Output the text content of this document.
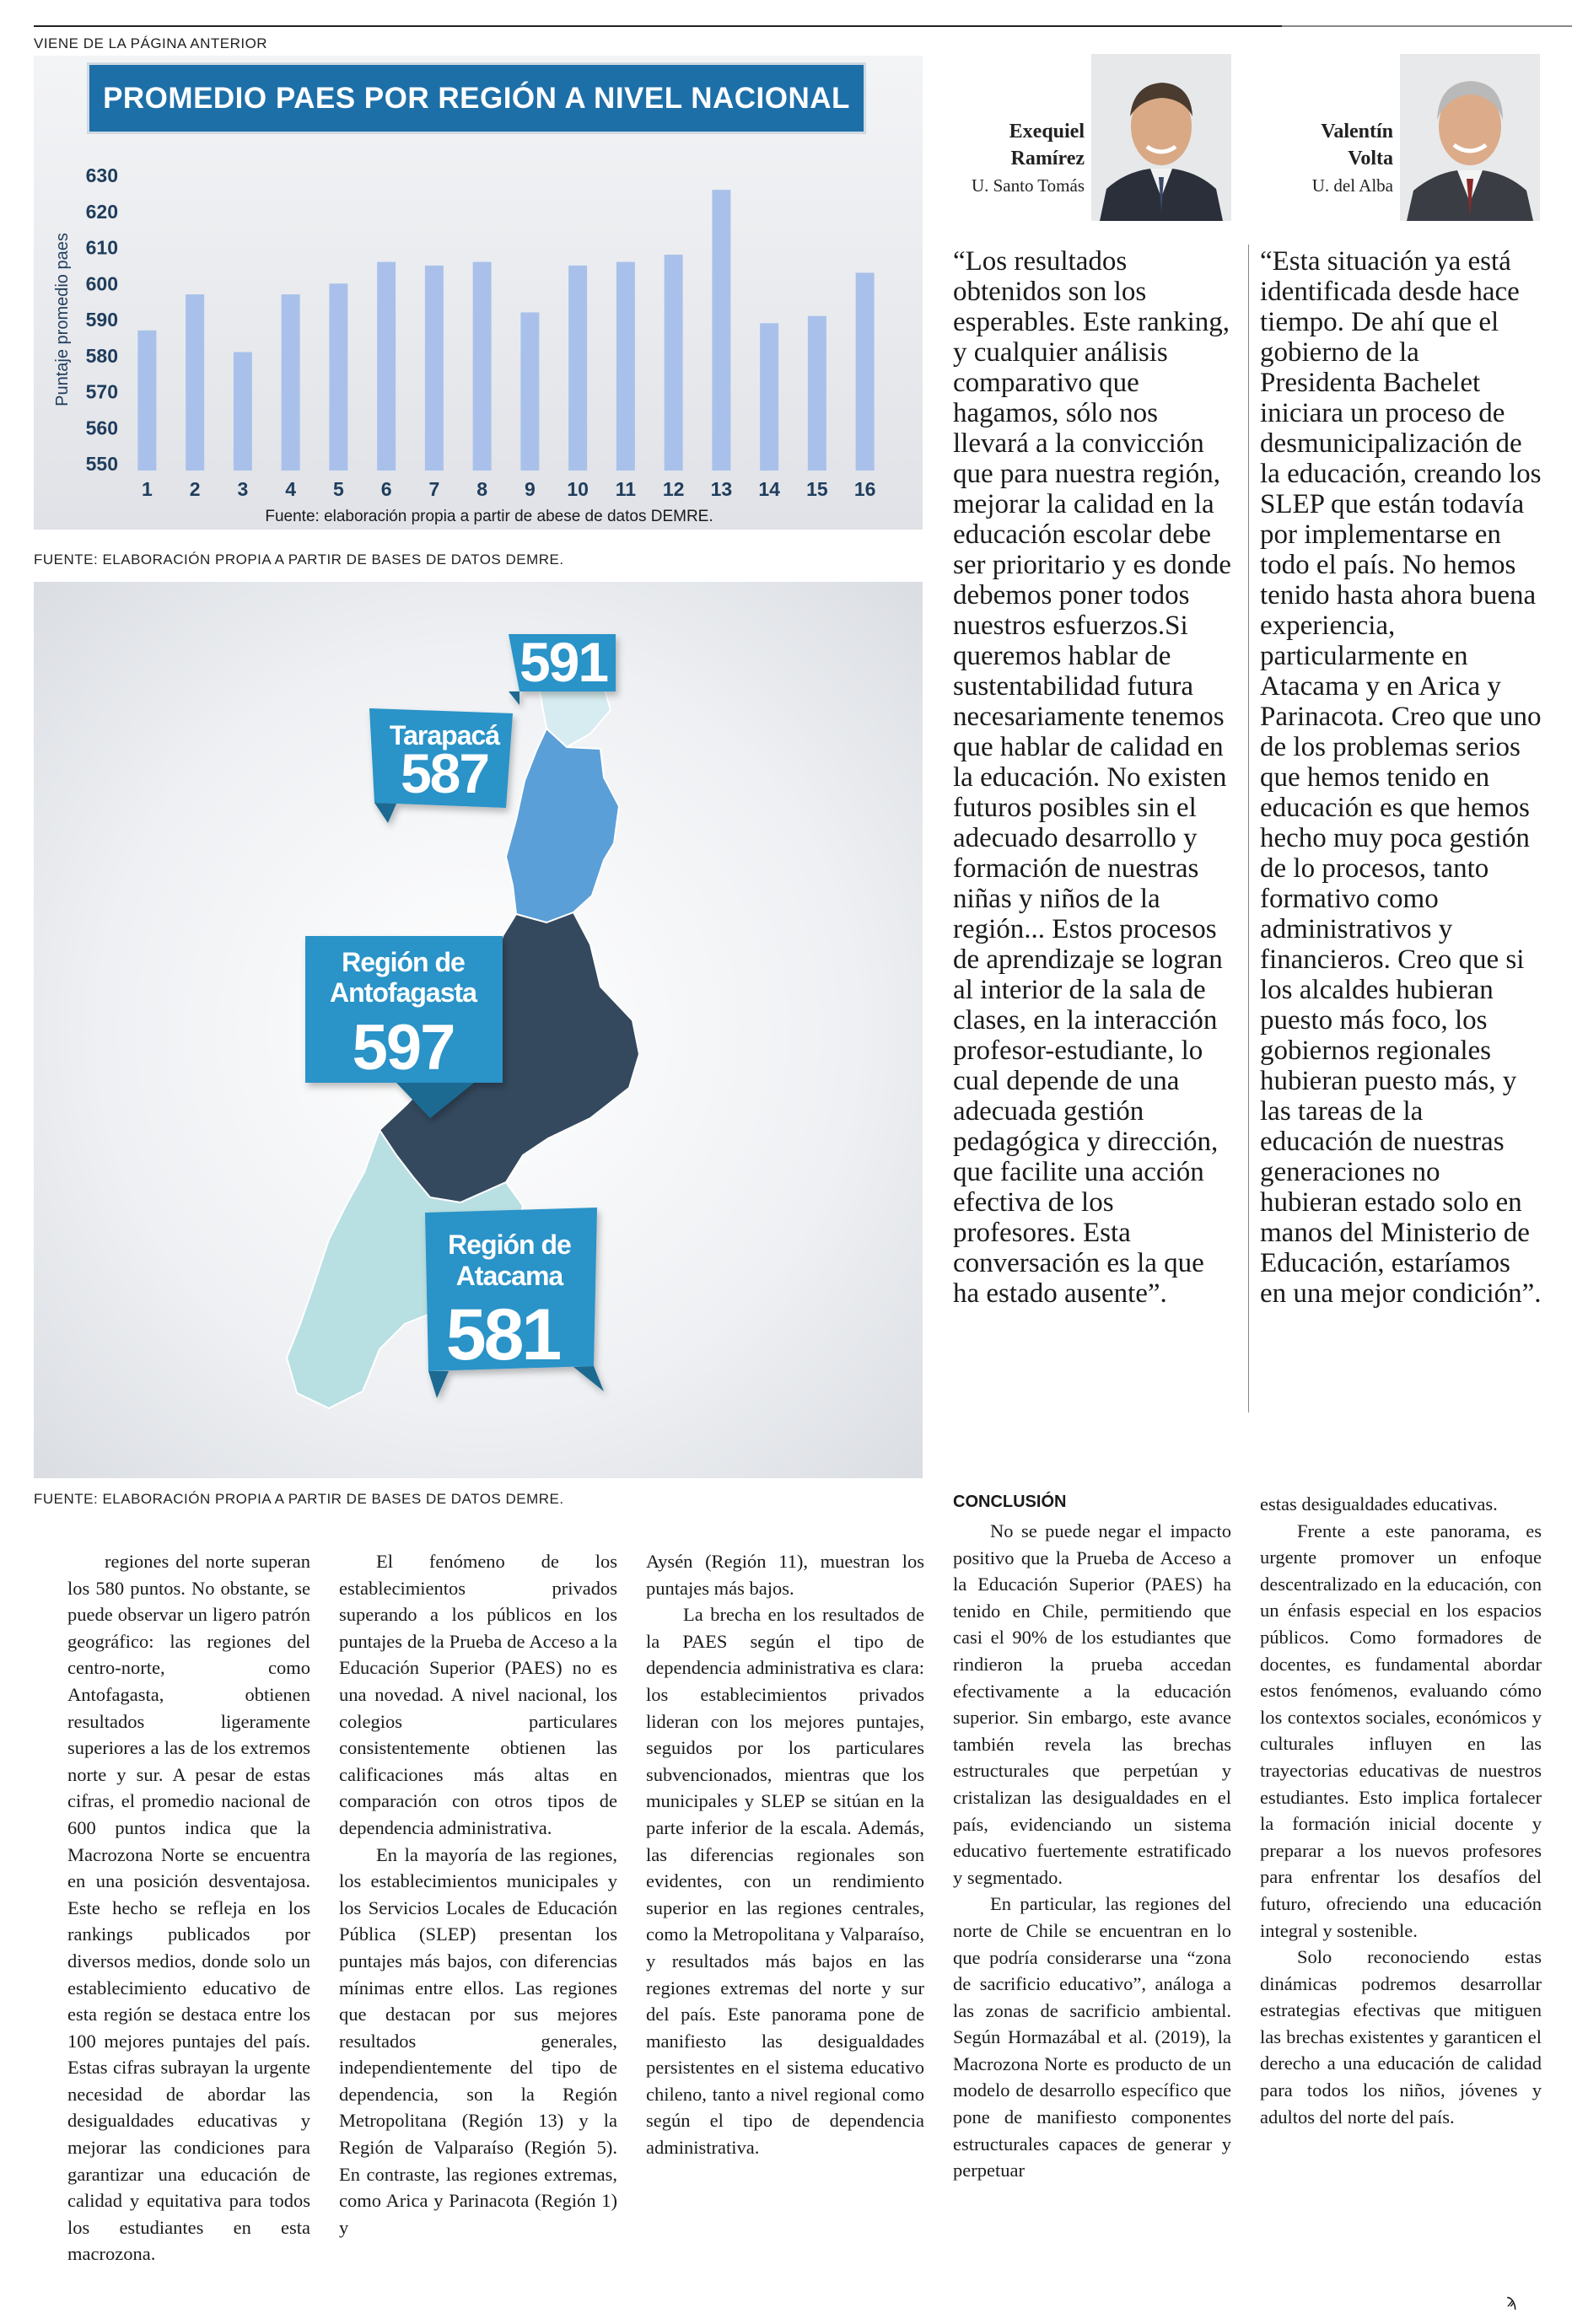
VIENE DE LA PÁGINA ANTERIOR
PROMEDIO PAES POR REGIÓN A NIVEL NACIONAL
550
560
570
580
590
600
610
620
630
Puntaje promedio paes
1 2 3 4 5 6 7 8 9 10 11 12 13 14 15 16
Fuente: elaboración propia a partir de abese de datos DEMRE.
FUENTE: ELABORACIÓN PROPIA A PARTIR DE BASES DE DATOS DEMRE.
591
Tarapacá
587
Región de
Antofagasta
597
Región de
Atacama
581
FUENTE: ELABORACIÓN PROPIA A PARTIR DE BASES DE DATOS DEMRE.
Exequiel
Ramírez
U. Santo Tomás
Valentín
Volta
U. del Alba
“Los resultados obtenidos son los esperables. Este ranking, y cualquier análisis comparativo que hagamos, sólo nos llevará a la convicción que para nuestra región, mejorar la calidad en la educación escolar debe ser prioritario y es donde debemos poner todos nuestros esfuerzos.Si queremos hablar de sustentabilidad futura necesariamente tenemos que hablar de calidad en la educación. No existen futuros posibles sin el adecuado desarrollo y formación de nuestras niñas y niños de la región... Estos procesos de aprendizaje se logran al interior de la sala de clases, en la interacción profesor-estudiante, lo cual depende de una adecuada gestión pedagógica y dirección, que facilite una acción efectiva de los profesores. Esta conversación es la que ha estado ausente”.
“Esta situación ya está identificada desde hace tiempo. De ahí que el gobierno de la Presidenta Bachelet iniciara un proceso de desmunicipalización de la educación, creando los SLEP que están todavía por implementarse en todo el país. No hemos tenido hasta ahora buena experiencia, particularmente en Atacama y en Arica y Parinacota. Creo que uno de los problemas serios que hemos tenido en educación es que hemos hecho muy poca gestión de lo procesos, tanto formativo como administrativos y financieros. Creo que si los alcaldes hubieran puesto más foco, los gobiernos regionales hubieran puesto más, y las tareas de la educación de nuestras generaciones no hubieran estado solo en manos del Ministerio de Educación, estaríamos en una mejor condición”.

regiones del norte superan los 580 puntos. No obstante, se puede observar un ligero patrón geográfico: las regiones del centro-norte, como Antofagasta, obtienen resultados ligeramente superiores a las de los extremos norte y sur. A pesar de estas cifras, el promedio nacional de 600 puntos indica que la Macrozona Norte se encuentra en una posición desventajosa. Este hecho se refleja en los rankings publicados por diversos medios, donde solo un establecimiento educativo de esta región se destaca entre los 100 mejores puntajes del país. Estas cifras subrayan la urgente necesidad de abordar las desigualdades educativas y mejorar las condiciones para garantizar una educación de calidad y equitativa para todos los estudiantes en esta macrozona.

El fenómeno de los establecimientos privados superando a los públicos en los puntajes de la Prueba de Acceso a la Educación Superior (PAES) no es una novedad. A nivel nacional, los colegios particulares consistentemente obtienen las calificaciones más altas en comparación con otros tipos de dependencia administrativa.

En la mayoría de las regiones, los establecimientos municipales y los Servicios Locales de Educación Pública (SLEP) presentan los puntajes más bajos, con diferencias mínimas entre ellos. Las regiones que destacan por sus mejores resultados generales, independientemente del tipo de dependencia, son la Región Metropolitana (Región 13) y la Región de Valparaíso (Región 5). En contraste, las regiones extremas, como Arica y Parinacota (Región 1) y

Aysén (Región 11), muestran los puntajes más bajos.

La brecha en los resultados de la PAES según el tipo de dependencia administrativa es clara: los establecimientos privados lideran con los mejores puntajes, seguidos por los particulares subvencionados, mientras que los municipales y SLEP se sitúan en la parte inferior de la escala. Además, las diferencias regionales son evidentes, con un rendimiento superior en las regiones centrales, como la Metropolitana y Valparaíso, y resultados más bajos en las regiones extremas del norte y sur del país. Este panorama pone de manifiesto las desigualdades persistentes en el sistema educativo chileno, tanto a nivel regional como según el tipo de dependencia administrativa.

CONCLUSIÓN

No se puede negar el impacto positivo que la Prueba de Acceso a la Educación Superior (PAES) ha tenido en Chile, permitiendo que casi el 90% de los estudiantes que rindieron la prueba accedan efectivamente a la educación superior. Sin embargo, este avance también revela las brechas estructurales que perpetúan y cristalizan las desigualdades en el país, evidenciando un sistema educativo fuertemente estratificado y segmentado.

En particular, las regiones del norte de Chile se encuentran en lo que podría considerarse una “zona de sacrificio educativo”, análoga a las zonas de sacrificio ambiental. Según Hormazábal et al. (2019), la Macrozona Norte es producto de un modelo de desarrollo específico que pone de manifiesto componentes estructurales capaces de generar y perpetuar

estas desigualdades educativas.

Frente a este panorama, es urgente promover un enfoque descentralizado en la educación, con un énfasis especial en los espacios públicos. Como formadores de docentes, es fundamental abordar estos fenómenos, evaluando cómo los contextos sociales, económicos y culturales influyen en las trayectorias educativas de nuestros estudiantes. Esto implica fortalecer la formación inicial docente y preparar a los nuevos profesores para enfrentar los desafíos del futuro, ofreciendo una educación integral y sostenible.

Solo reconociendo estas dinámicas podremos desarrollar estrategias efectivas que mitiguen las brechas existentes y garanticen el derecho a una educación de calidad para todos los niños, jóvenes y adultos del norte del país.

ϡ
